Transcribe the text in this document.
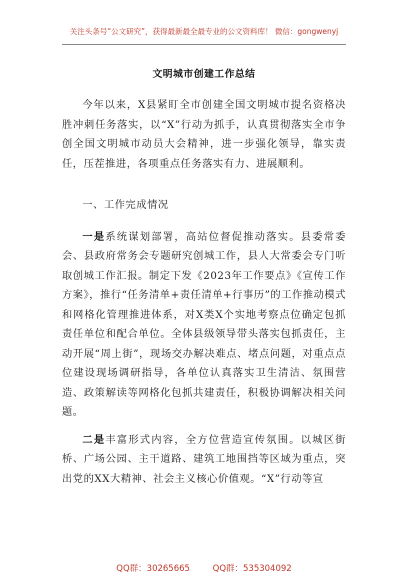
关注头条号“公文研究”，获得最新最全最专业的公文资料库！ 微信：gongwenyj
文明城市创建工作总结

今年以来，X县紧盯全市创建全国文明城市提名资格决胜冲刺任务落实，以“X”行动为抓手，认真贯彻落实全市争创全国文明城市动员大会精神，进一步强化领导，靠实责任，压茬推进，各项重点任务落实有力、进展顺利。

一、工作完成情况

一是系统谋划部署，高站位督促推动落实。县委常委会、县政府常务会专题研究创城工作，县人大常委会专门听取创城工作汇报。制定下发《2023年工作要点》《宣传工作方案》，推行“任务清单+责任清单+行事历”的工作推动模式和网格化管理推进体系，对X类X个实地考察点位确定包抓责任单位和配合单位。全体县级领导带头落实包抓责任，主动开展“周上街”，现场交办解决难点、堵点问题，对重点点位建设现场调研指导，各单位认真落实卫生清洁、氛围营造、政策解读等网格化包抓共建责任，积极协调解决相关问题。

二是丰富形式内容，全方位营造宣传氛围。以城区街桥、广场公园、主干道路、建筑工地围挡等区域为重点，突出党的XX大精神、社会主义核心价值观。“X”行动等宣

QQ群：30265665	QQ群：535304092
